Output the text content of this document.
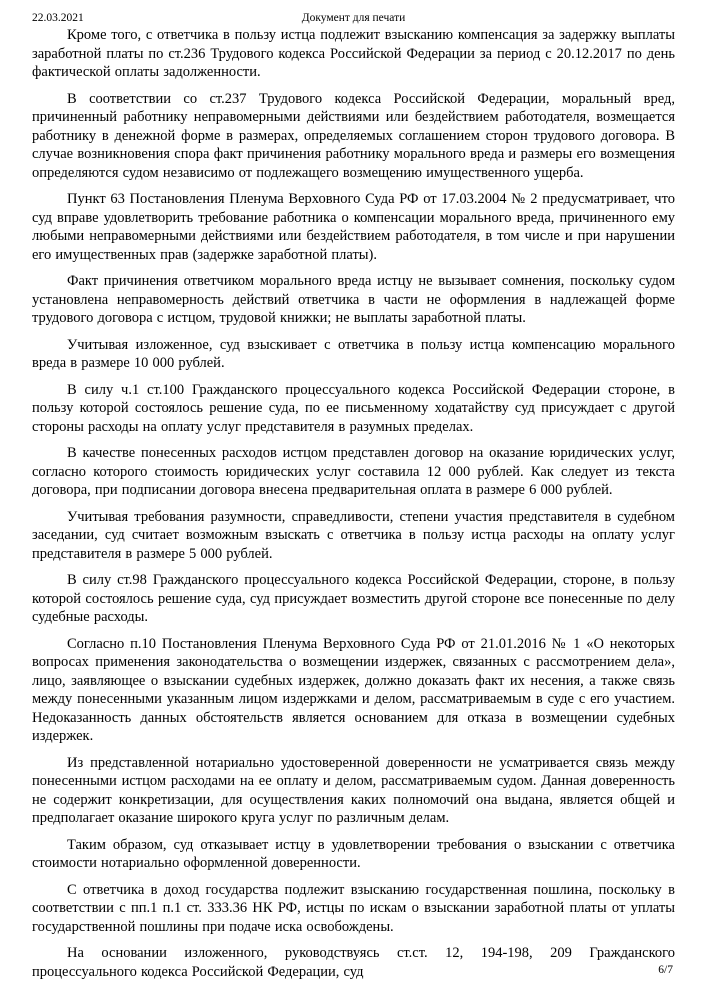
22.03.2021	Документ для печати

Кроме того, с ответчика в пользу истца подлежит взысканию компенсация за задержку выплаты заработной платы по ст.236 Трудового кодекса Российской Федерации за период с 20.12.2017 по день фактической оплаты задолженности.

В соответствии со ст.237 Трудового кодекса Российской Федерации, моральный вред, причиненный работнику неправомерными действиями или бездействием работодателя, возмещается работнику в денежной форме в размерах, определяемых соглашением сторон трудового договора. В случае возникновения спора факт причинения работнику морального вреда и размеры его возмещения определяются судом независимо от подлежащего возмещению имущественного ущерба.

Пункт 63 Постановления Пленума Верховного Суда РФ от 17.03.2004 № 2 предусматривает, что суд вправе удовлетворить требование работника о компенсации морального вреда, причиненного ему любыми неправомерными действиями или бездействием работодателя, в том числе и при нарушении его имущественных прав (задержке заработной платы).

Факт причинения ответчиком морального вреда истцу не вызывает сомнения, поскольку судом установлена неправомерность действий ответчика в части не оформления в надлежащей форме трудового договора с истцом, трудовой книжки; не выплаты заработной платы.

Учитывая изложенное, суд взыскивает с ответчика в пользу истца компенсацию морального вреда в размере 10 000 рублей.

В силу ч.1 ст.100 Гражданского процессуального кодекса Российской Федерации стороне, в пользу которой состоялось решение суда, по ее письменному ходатайству суд присуждает с другой стороны расходы на оплату услуг представителя в разумных пределах.

В качестве понесенных расходов истцом представлен договор на оказание юридических услуг, согласно которого стоимость юридических услуг составила 12 000 рублей. Как следует из текста договора, при подписании договора внесена предварительная оплата в размере 6 000 рублей.

Учитывая требования разумности, справедливости, степени участия представителя в судебном заседании, суд считает возможным взыскать с ответчика в пользу истца расходы на оплату услуг представителя в размере 5 000 рублей.

В силу ст.98 Гражданского процессуального кодекса Российской Федерации, стороне, в пользу которой состоялось решение суда, суд присуждает возместить другой стороне все понесенные по делу судебные расходы.

Согласно п.10 Постановления Пленума Верховного Суда РФ от 21.01.2016 № 1 «О некоторых вопросах применения законодательства о возмещении издержек, связанных с рассмотрением дела», лицо, заявляющее о взыскании судебных издержек, должно доказать факт их несения, а также связь между понесенными указанным лицом издержками и делом, рассматриваемым в суде с его участием. Недоказанность данных обстоятельств является основанием для отказа в возмещении судебных издержек.

Из представленной нотариально удостоверенной доверенности не усматривается связь между понесенными истцом расходами на ее оплату и делом, рассматриваемым судом. Данная доверенность не содержит конкретизации, для осуществления каких полномочий она выдана, является общей и предполагает оказание широкого круга услуг по различным делам.

Таким образом, суд отказывает истцу в удовлетворении требования о взыскании с ответчика стоимости нотариально оформленной доверенности.

С ответчика в доход государства подлежит взысканию государственная пошлина, поскольку в соответствии с пп.1 п.1 ст. 333.36 НК РФ, истцы по искам о взыскании заработной платы от уплаты государственной пошлины при подаче иска освобождены.

На основании изложенного, руководствуясь ст.ст. 12, 194-198, 209 Гражданского процессуального кодекса Российской Федерации, суд	6/7
